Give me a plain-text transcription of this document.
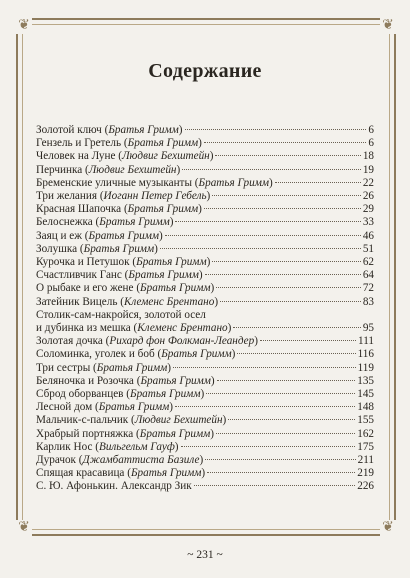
❦	❦
❦	❦
Содержание
Золотой ключ (Братья Гримм)	6
Гензель и Гретель (Братья Гримм)	6
Человек на Луне (Людвиг Бехштейн)	18
Перчинка (Людвиг Бехштейн)	19
Бременские уличные музыканты (Братья Гримм)	22
Три желания (Иоганн Петер Гебель)	26
Красная Шапочка (Братья Гримм)	29
Белоснежка (Братья Гримм)	33
Заяц и еж (Братья Гримм)	46
Золушка (Братья Гримм)	51
Курочка и Петушок (Братья Гримм)	62
Счастливчик Ганс (Братья Гримм)	64
О рыбаке и его жене (Братья Гримм)	72
Затейник Вицель (Клеменс Брентано)	83
Столик-сам-накройся, золотой осел
и дубинка из мешка (Клеменс Брентано)	95
Золотая дочка (Рихард фон Фолкман-Леандер)	111
Соломинка, уголек и боб (Братья Гримм)	116
Три сестры (Братья Гримм)	119
Беляночка и Розочка (Братья Гримм)	135
Сброд оборванцев (Братья Гримм)	145
Лесной дом (Братья Гримм)	148
Мальчик-с-пальчик (Людвиг Бехштейн)	155
Храбрый портняжка (Братья Гримм)	162
Карлик Нос (Вильгельм Гауф)	175
Дурачок (Джамбаттиста Базиле)	211
Спящая красавица (Братья Гримм)	219
С. Ю. Афонькин. Александр Зик	226
~ 231 ~
